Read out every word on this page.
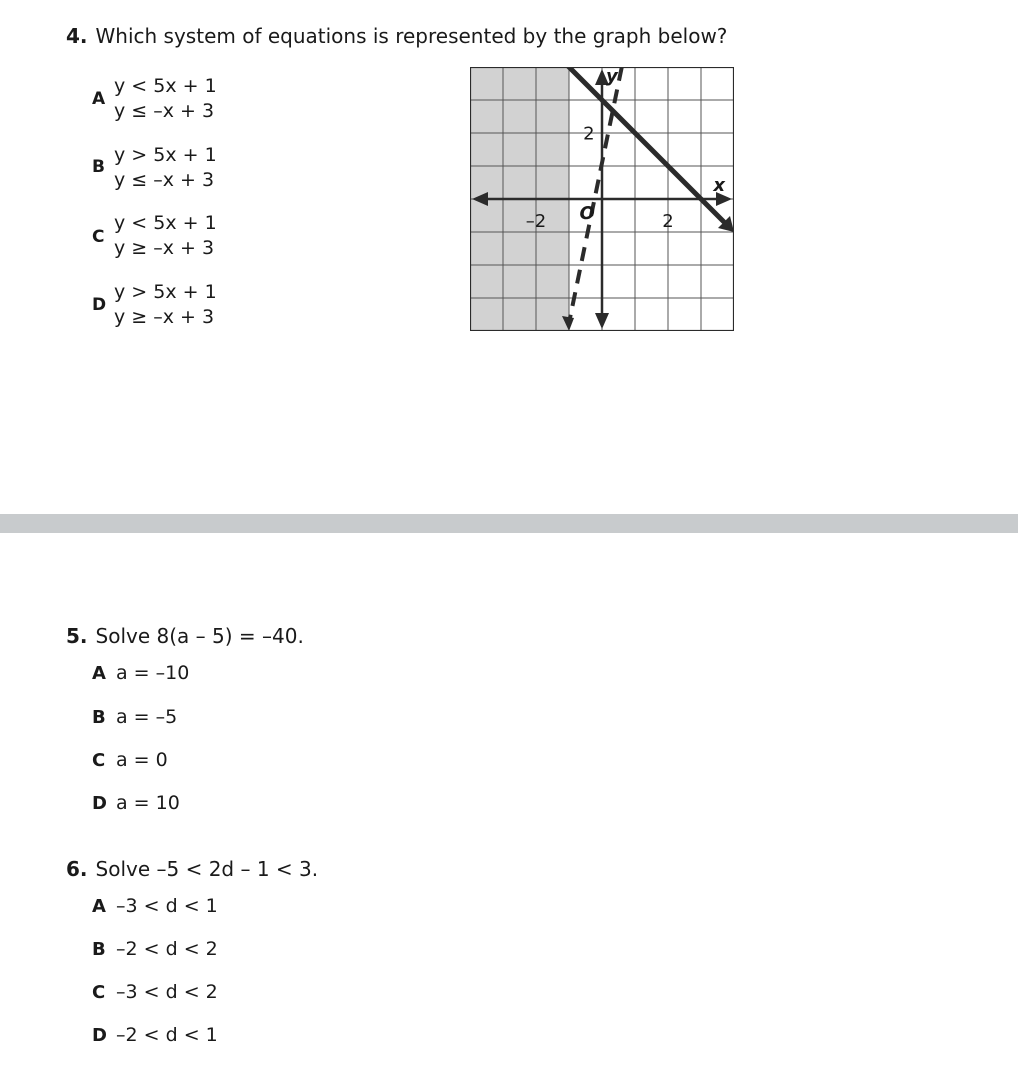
4. Which system of equations is represented by the graph below?
A
y < 5x + 1
y ≤ –x + 3
B
y > 5x + 1
y ≤ –x + 3
C
y < 5x + 1
y ≥ –x + 3
D
y > 5x + 1
y ≥ –x + 3
x
y
O
–2	2
2
5. Solve 8(a – 5) = –40.
A a = –10
B a = –5
C a = 0
D a = 10
6. Solve –5 < 2d – 1 < 3.
A –3 < d < 1
B –2 < d < 2
C –3 < d < 2
D –2 < d < 1
